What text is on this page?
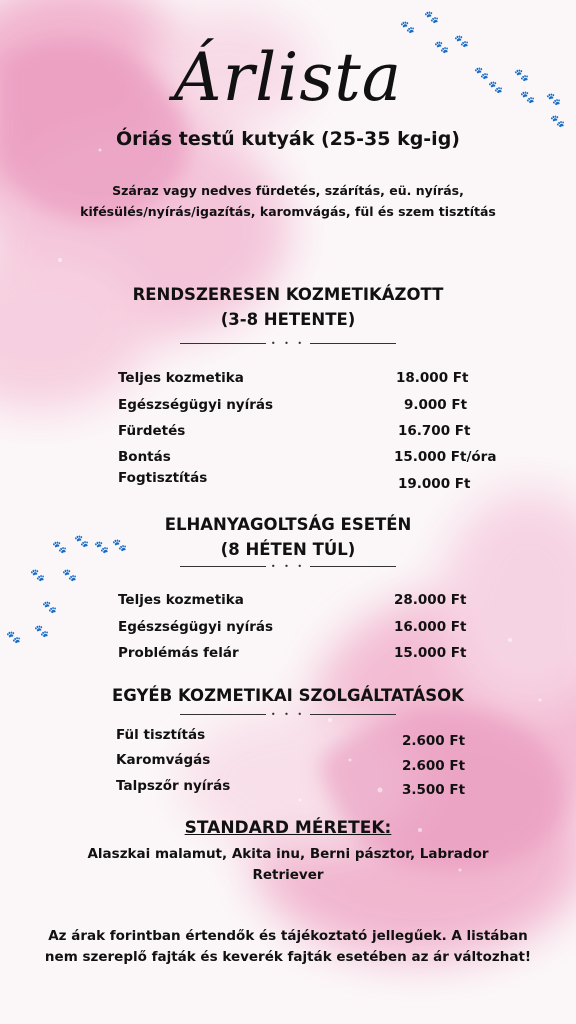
🐾
🐾
🐾
🐾
🐾 🐾
🐾
🐾 🐾
🐾
🐾 🐾 🐾 🐾
🐾 🐾
🐾
🐾
🐾
Árlista
Óriás testű kutyák (25-35 kg-ig)
Száraz vagy nedves fürdetés, szárítás, eü. nyírás, kifésülés/nyírás/igazítás, karomvágás, fül és szem tisztítás
RENDSZERESEN KOZMETIKÁZOTT
(3-8 HETENTE)
• • •
Teljes kozmetika	18.000 Ft
Egészségügyi nyírás	9.000 Ft
Fürdetés	16.700 Ft
Bontás	15.000 Ft/óra
Fogtisztítás	19.000 Ft
ELHANYAGOLTSÁG ESETÉN
(8 HÉTEN TÚL)
• • •
Teljes kozmetika	28.000 Ft
Egészségügyi nyírás	16.000 Ft
Problémás felár	15.000 Ft
EGYÉB KOZMETIKAI SZOLGÁLTATÁSOK
• • •
Fül tisztítás	2.600 Ft
Karomvágás	2.600 Ft
Talpszőr nyírás	3.500 Ft
STANDARD MÉRETEK:
Alaszkai malamut, Akita inu, Berni pásztor, Labrador Retriever
Az árak forintban értendők és tájékoztató jellegűek. A listában nem szereplő fajták és keverék fajták esetében az ár változhat!
